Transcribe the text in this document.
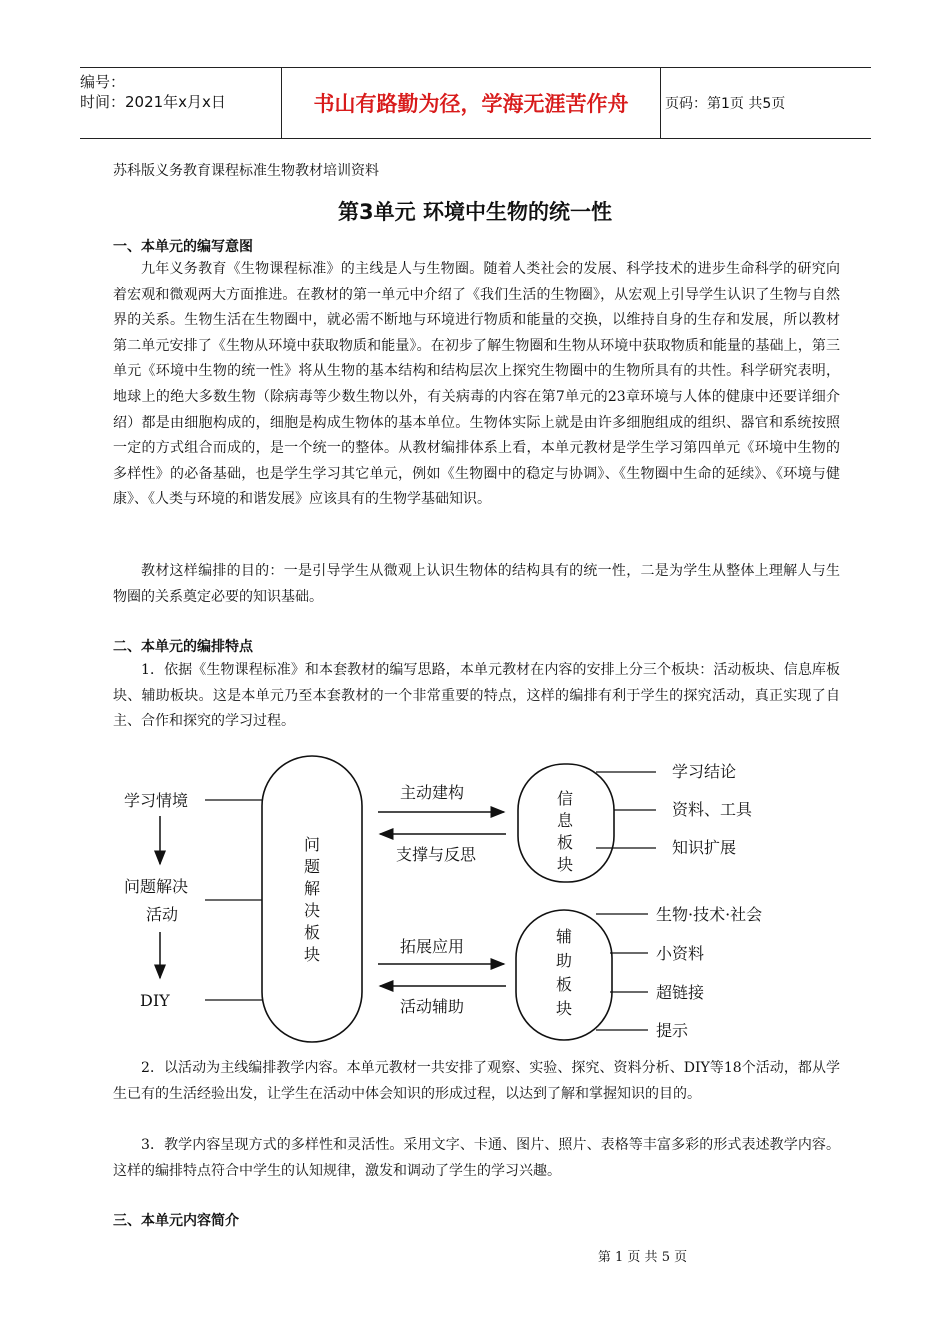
编号：
时间：2021年x月x日	书山有路勤为径，学海无涯苦作舟	页码：第1页 共5页
苏科版义务教育课程标准生物教材培训资料
第3单元 环境中生物的统一性
一、本单元的编写意图

九年义务教育《生物课程标准》的主线是人与生物圈。随着人类社会的发展、科学技术的进步生命科学的研究向着宏观和微观两大方面推进。在教材的第一单元中介绍了《我们生活的生物圈》，从宏观上引导学生认识了生物与自然界的关系。生物生活在生物圈中，就必需不断地与环境进行物质和能量的交换，以维持自身的生存和发展，所以教材第二单元安排了《生物从环境中获取物质和能量》。在初步了解生物圈和生物从环境中获取物质和能量的基础上，第三单元《环境中生物的统一性》将从生物的基本结构和结构层次上探究生物圈中的生物所具有的共性。科学研究表明，地球上的绝大多数生物（除病毒等少数生物以外，有关病毒的内容在第7单元的23章环境与人体的健康中还要详细介绍）都是由细胞构成的，细胞是构成生物体的基本单位。生物体实际上就是由许多细胞组成的组织、器官和系统按照一定的方式组合而成的，是一个统一的整体。从教材编排体系上看，本单元教材是学生学习第四单元《环境中生物的多样性》的必备基础，也是学生学习其它单元，例如《生物圈中的稳定与协调》、《生物圈中生命的延续》、《环境与健康》、《人类与环境的和谐发展》应该具有的生物学基础知识。

教材这样编排的目的：一是引导学生从微观上认识生物体的结构具有的统一性，二是为学生从整体上理解人与生物圈的关系奠定必要的知识基础。

二、本单元的编排特点

1．依据《生物课程标准》和本套教材的编写思路，本单元教材在内容的安排上分三个板块：活动板块、信息库板块、辅助板块。这是本单元乃至本套教材的一个非常重要的特点，这样的编排有利于学生的探究活动，真正实现了自主、合作和探究的学习过程。

学习情境
问题解决
活动
DIY
问
题
解
决
板
块
主动建构
支撑与反思
拓展应用
活动辅助
信
息
板
块
学习结论
资料、工具
知识扩展
辅
助
板
块
生物·技术·社会
小资料
超链接
提示

2．以活动为主线编排教学内容。本单元教材一共安排了观察、实验、探究、资料分析、DIY等18个活动，都从学生已有的生活经验出发，让学生在活动中体会知识的形成过程，以达到了解和掌握知识的目的。

3．教学内容呈现方式的多样性和灵活性。采用文字、卡通、图片、照片、表格等丰富多彩的形式表述教学内容。这样的编排特点符合中学生的认知规律，激发和调动了学生的学习兴趣。

三、本单元内容简介
第 1 页 共 5 页
